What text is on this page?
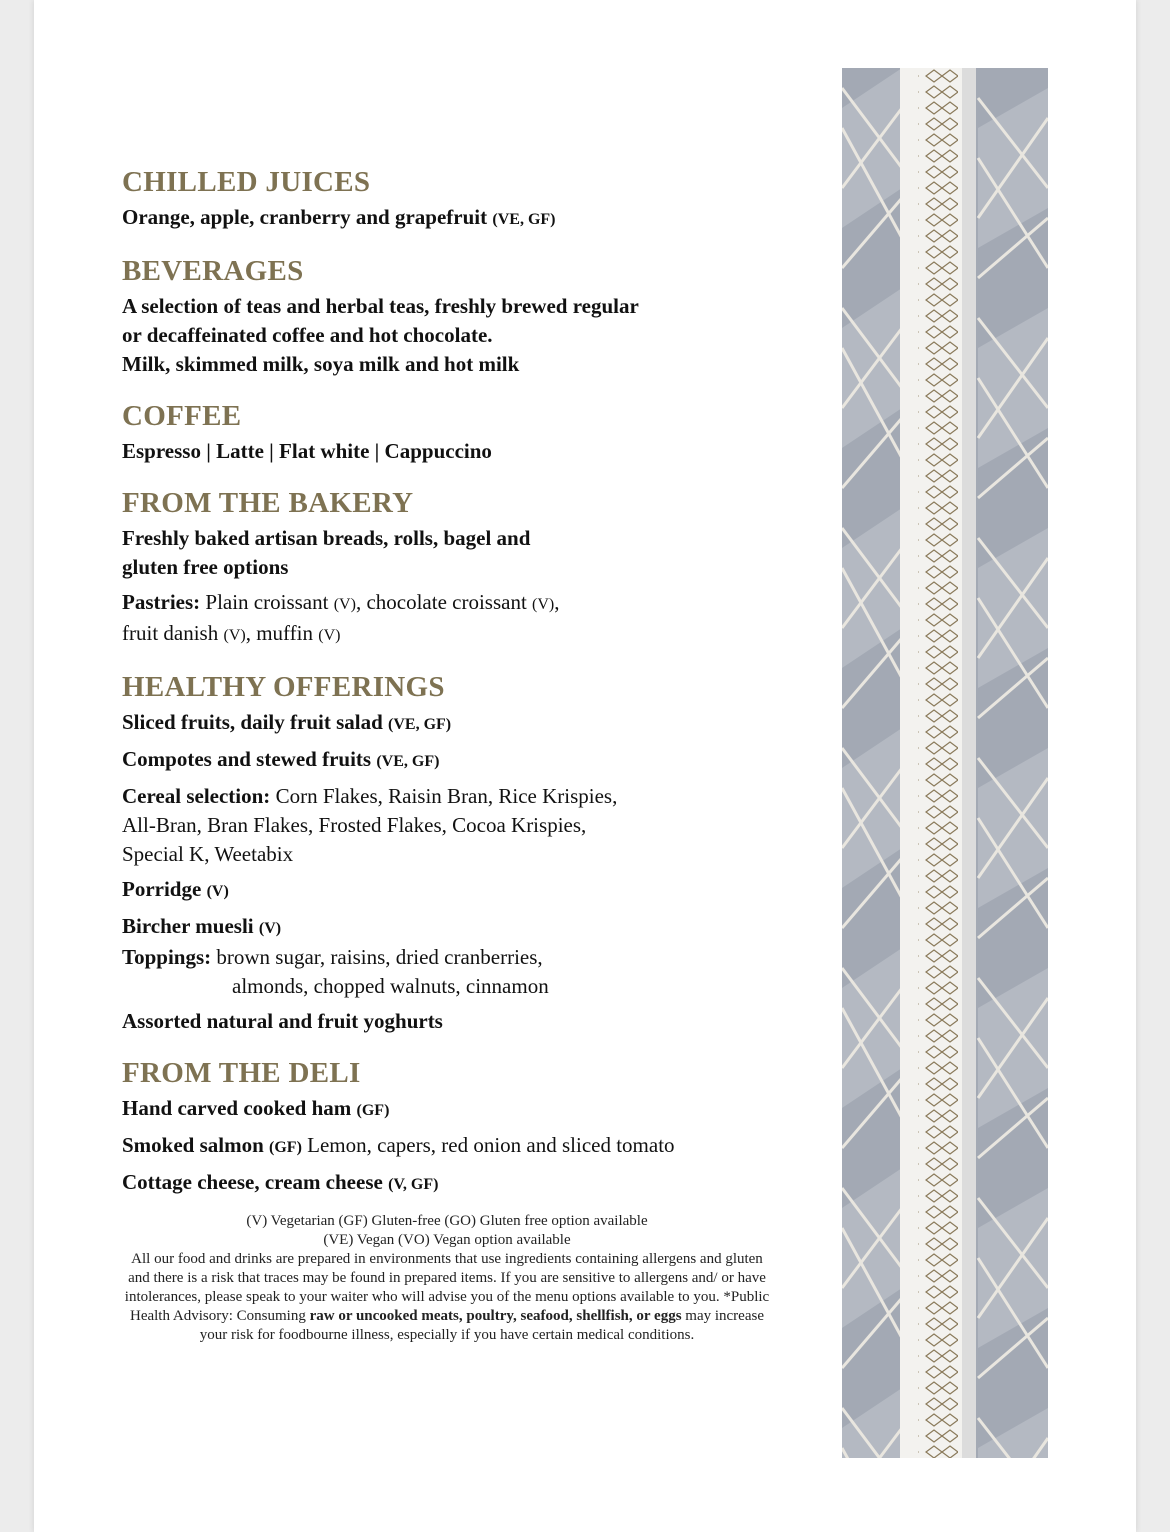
CHILLED JUICES

Orange, apple, cranberry and grapefruit (VE, GF)

BEVERAGES

A selection of teas and herbal teas, freshly brewed regular

or decaffeinated coffee and hot chocolate.

Milk, skimmed milk, soya milk and hot milk

COFFEE

Espresso | Latte | Flat white | Cappuccino

FROM THE BAKERY

Freshly baked artisan breads, rolls, bagel and

gluten free options

Pastries: Plain croissant (V), chocolate croissant (V),

fruit danish (V), muffin (V)

HEALTHY OFFERINGS

Sliced fruits, daily fruit salad (VE, GF)

Compotes and stewed fruits (VE, GF)

Cereal selection: Corn Flakes, Raisin Bran, Rice Krispies,

All-Bran, Bran Flakes, Frosted Flakes, Cocoa Krispies,

Special K, Weetabix

Porridge (V)

Bircher muesli (V)

Toppings: brown sugar, raisins, dried cranberries,

almonds, chopped walnuts, cinnamon

Assorted natural and fruit yoghurts

FROM THE DELI

Hand carved cooked ham (GF)

Smoked salmon (GF) Lemon, capers, red onion and sliced tomato

Cottage cheese, cream cheese (V, GF)

(V) Vegetarian (GF) Gluten-free (GO) Gluten free option available

(VE) Vegan (VO) Vegan option available

All our food and drinks are prepared in environments that use ingredients containing allergens and gluten and there is a risk that traces may be found in prepared items. If you are sensitive to allergens and/ or have intolerances, please speak to your waiter who will advise you of the menu options available to you. *Public Health Advisory: Consuming raw or uncooked meats, poultry, seafood, shellfish, or eggs may increase your risk for foodbourne illness, especially if you have certain medical conditions.
